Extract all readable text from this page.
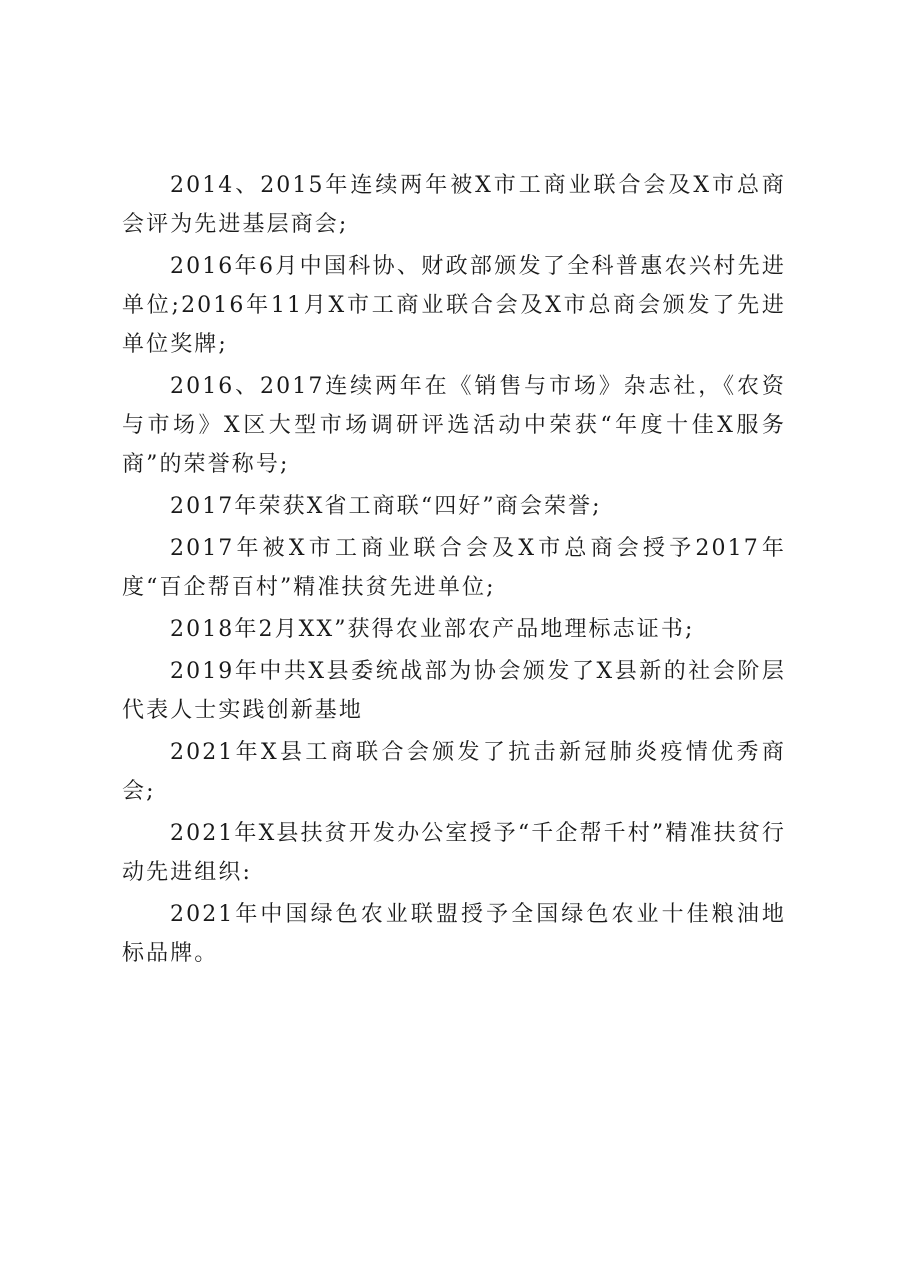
2014、2015年连续两年被X市工商业联合会及X市总商会评为先进基层商会;

2016年6月中国科协、财政部颁发了全科普惠农兴村先进单位;2016年11月X市工商业联合会及X市总商会颁发了先进单位奖牌;

2016、2017连续两年在《销售与市场》杂志社，《农资与市场》X区大型市场调研评选活动中荣获“年度十佳X服务商”的荣誉称号;

2017年荣获X省工商联“四好”商会荣誉;

2017年被X市工商业联合会及X市总商会授予2017年度“百企帮百村”精准扶贫先进单位;

2018年2月XX”获得农业部农产品地理标志证书;

2019年中共X县委统战部为协会颁发了X县新的社会阶层代表人士实践创新基地

2021年X县工商联合会颁发了抗击新冠肺炎疫情优秀商会;

2021年X县扶贫开发办公室授予“千企帮千村”精准扶贫行动先进组织:

2021年中国绿色农业联盟授予全国绿色农业十佳粮油地标品牌。
